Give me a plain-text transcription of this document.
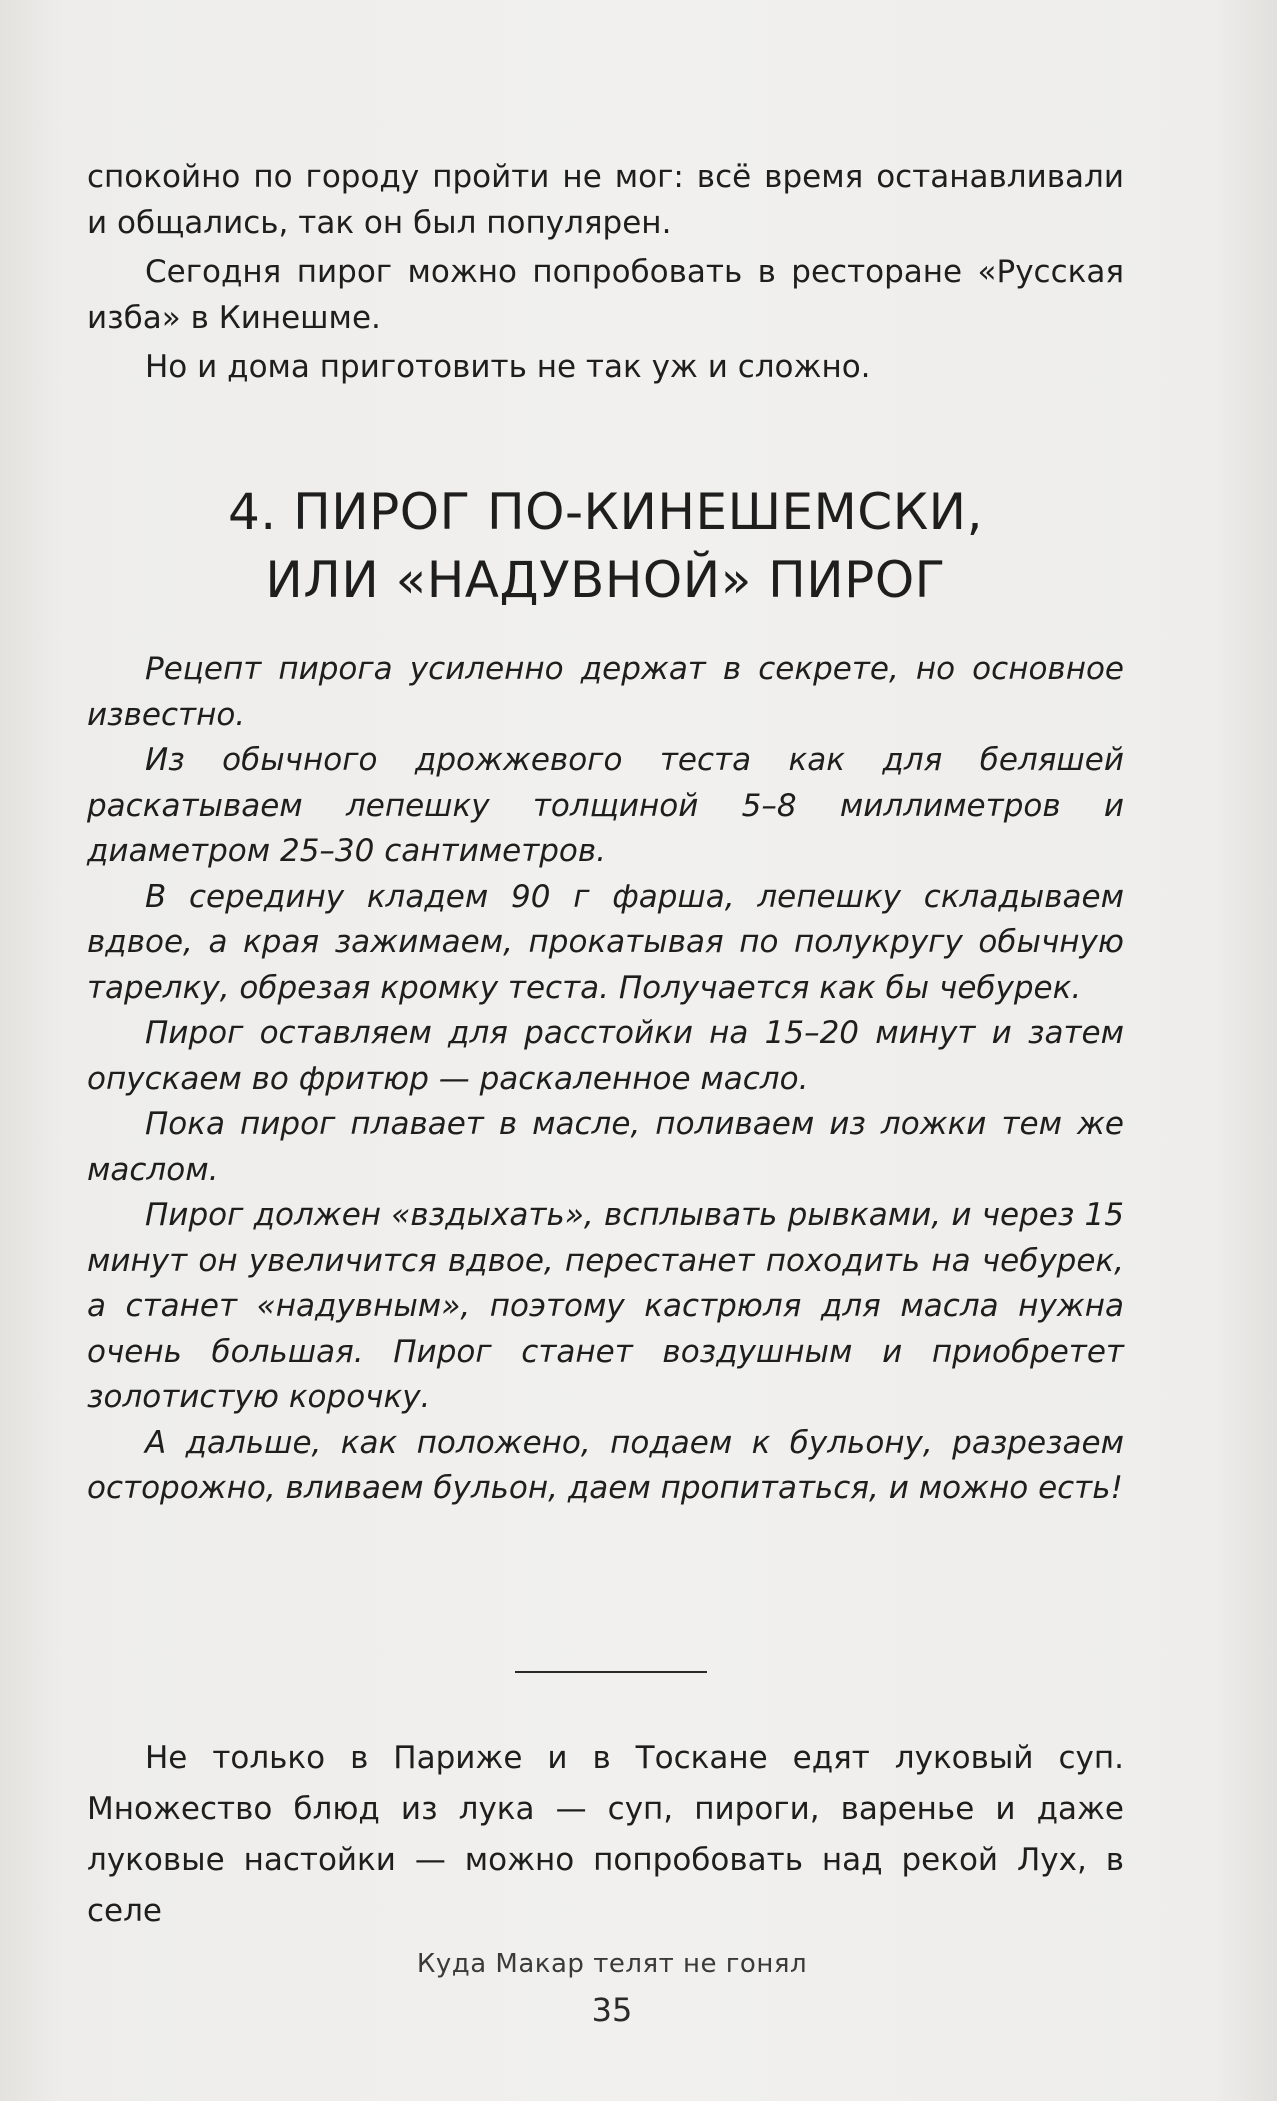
спокойно по городу пройти не мог: всё время останавливали и общались, так он был популярен.

Сегодня пирог можно попробовать в ресторане «Русская изба» в Кинешме.

Но и дома приготовить не так уж и сложно.

4. ПИРОГ ПО-КИНЕШЕМСКИ,
ИЛИ «НАДУВНОЙ» ПИРОГ

Рецепт пирога усиленно держат в секрете, но основное известно.

Из обычного дрожжевого теста как для беляшей раскатываем лепешку толщиной 5–8 миллиметров и диаметром 25–30 сантиметров.

В середину кладем 90 г фарша, лепешку складываем вдвое, а края зажимаем, прокатывая по полукругу обычную тарелку, обрезая кромку теста. Получается как бы чебурек.

Пирог оставляем для расстойки на 15–20 минут и затем опускаем во фритюр — раскаленное масло.

Пока пирог плавает в масле, поливаем из ложки тем же маслом.

Пирог должен «вздыхать», всплывать рывками, и через 15 минут он увеличится вдвое, перестанет походить на чебурек, а станет «надувным», поэтому кастрюля для масла нужна очень большая. Пирог станет воздушным и приобретет золотистую корочку.

А дальше, как положено, подаем к бульону, разрезаем осторожно, вливаем бульон, даем пропитаться, и можно есть!

Не только в Париже и в Тоскане едят луковый суп. Множество блюд из лука — суп, пироги, варенье и даже луковые настойки — можно попробовать над рекой Лух, в селе

Куда Макар телят не гонял
35
